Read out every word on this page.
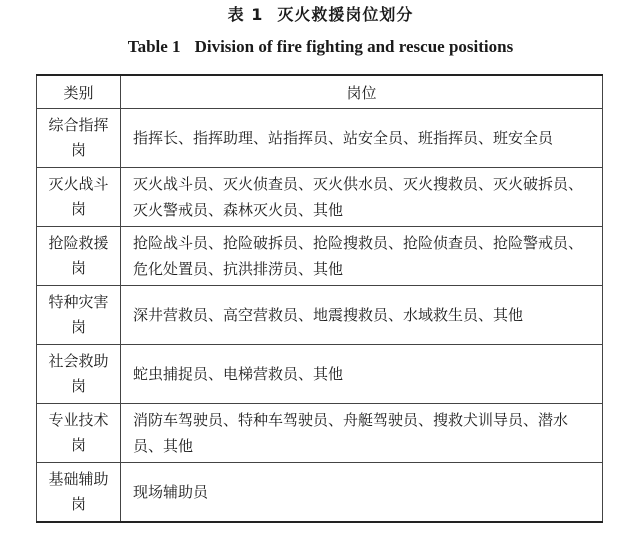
表 1 灭火救援岗位划分
Table 1 Division of fire fighting and rescue positions
类别	岗位
综合指挥岗	指挥长、指挥助理、站指挥员、站安全员、班指挥员、班安全员
灭火战斗岗	灭火战斗员、灭火侦查员、灭火供水员、灭火搜救员、灭火破拆员、灭火警戒员、森林灭火员、其他
抢险救援岗	抢险战斗员、抢险破拆员、抢险搜救员、抢险侦查员、抢险警戒员、危化处置员、抗洪排涝员、其他
特种灾害岗	深井营救员、高空营救员、地震搜救员、水域救生员、其他
社会救助岗	蛇虫捕捉员、电梯营救员、其他
专业技术岗	消防车驾驶员、特种车驾驶员、舟艇驾驶员、搜救犬训导员、潜水员、其他
基础辅助岗	现场辅助员
